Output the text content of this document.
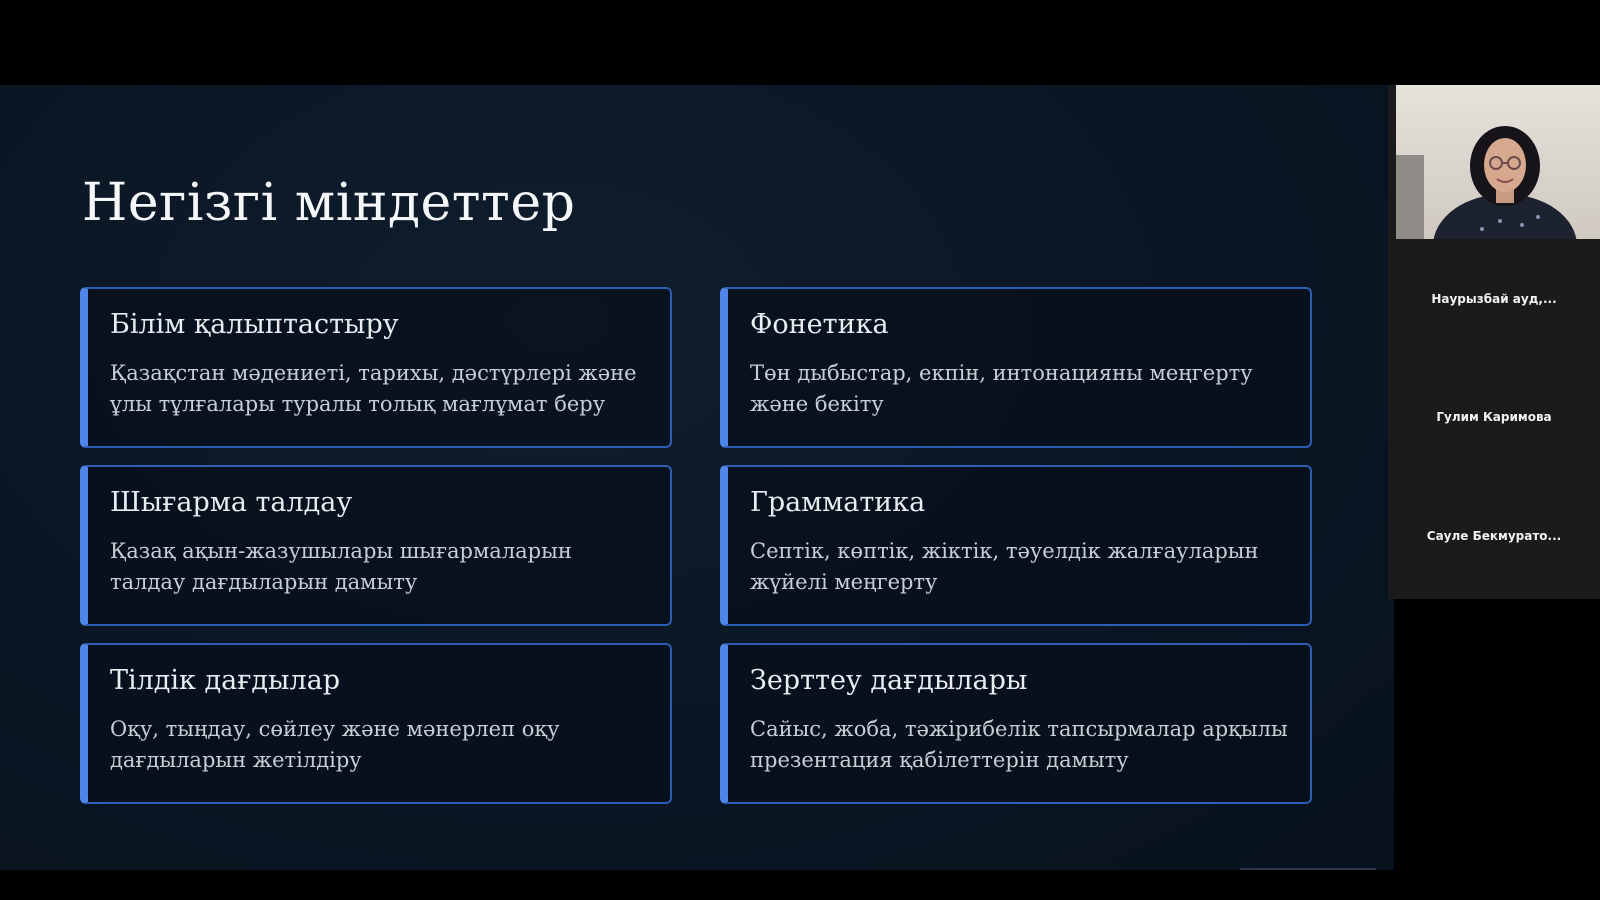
Негізгі міндеттер
Білім қалыптастыру

Қазақстан мәдениеті, тарихы, дәстүрлері және ұлы тұлғалары туралы толық мағлұмат беру

Фонетика

Төн дыбыстар, екпін, интонацияны меңгерту және бекіту

Шығарма талдау

Қазақ ақын-жазушылары шығармаларын талдау дағдыларын дамыту

Грамматика

Септік, көптік, жіктік, тәуелдік жалғауларын жүйелі меңгерту

Тілдік дағдылар

Оқу, тыңдау, сөйлеу және мәнерлеп оқу дағдыларын жетілдіру

Зерттеу дағдылары

Сайыс, жоба, тәжірибелік тапсырмалар арқылы презентация қабілеттерін дамыту

Наурызбай ауд,...
Гулим Каримова
Сауле Бекмурато...
